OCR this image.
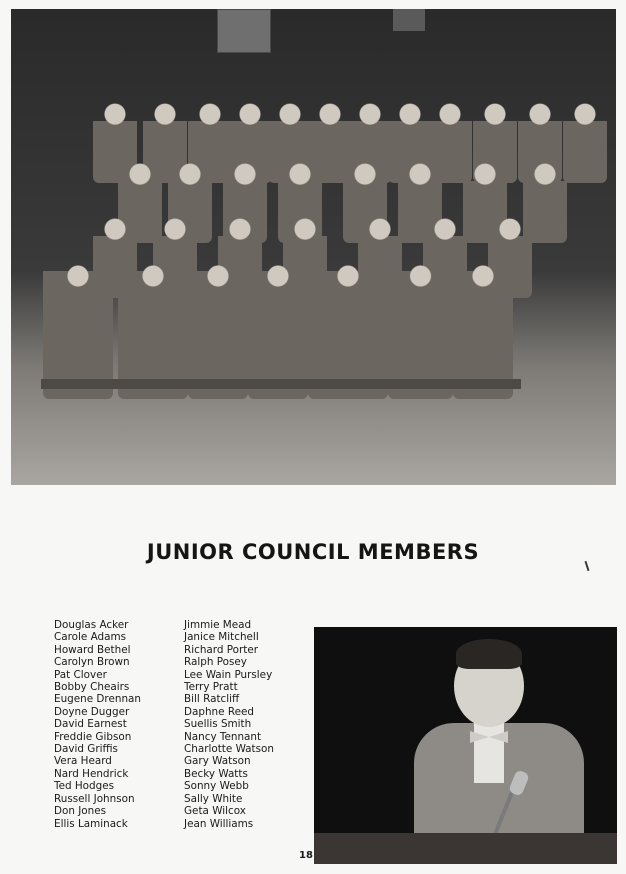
JUNIOR COUNCIL MEMBERS
Douglas Acker
Carole Adams
Howard Bethel
Carolyn Brown
Pat Clover
Bobby Cheairs
Eugene Drennan
Doyne Dugger
David Earnest
Freddie Gibson
David Griffis
Vera Heard
Nard Hendrick
Ted Hodges
Russell Johnson
Don Jones
Ellis Laminack
Jimmie Mead
Janice Mitchell
Richard Porter
Ralph Posey
Lee Wain Pursley
Terry Pratt
Bill Ratcliff
Daphne Reed
Suellis Smith
Nancy Tennant
Charlotte Watson
Gary Watson
Becky Watts
Sonny Webb
Sally White
Geta Wilcox
Jean Williams
18
